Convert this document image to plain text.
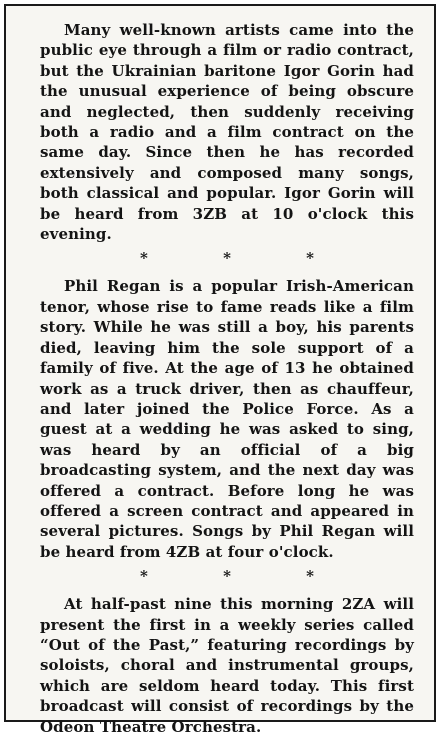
Many well-known artists came into the public eye through a film or radio contract, but the Ukrainian baritone Igor Gorin had the unusual experience of being obscure and neglected, then suddenly receiving both a radio and a film contract on the same day. Since then he has recorded extensively and composed many songs, both classical and popular. Igor Gorin will be heard from 3ZB at 10 o'clock this evening.

* * *

Phil Regan is a popular Irish-American tenor, whose rise to fame reads like a film story. While he was still a boy, his parents died, leaving him the sole support of a family of five. At the age of 13 he obtained work as a truck driver, then as chauffeur, and later joined the Police Force. As a guest at a wedding he was asked to sing, was heard by an official of a big broadcasting system, and the next day was offered a contract. Before long he was offered a screen contract and appeared in several pictures. Songs by Phil Regan will be heard from 4ZB at four o'clock.

* * *

At half-past nine this morning 2ZA will present the first in a weekly series called “Out of the Past,” featuring recordings by soloists, choral and instrumental groups, which are seldom heard today. This first broadcast will consist of recordings by the Odeon Theatre Orchestra.
